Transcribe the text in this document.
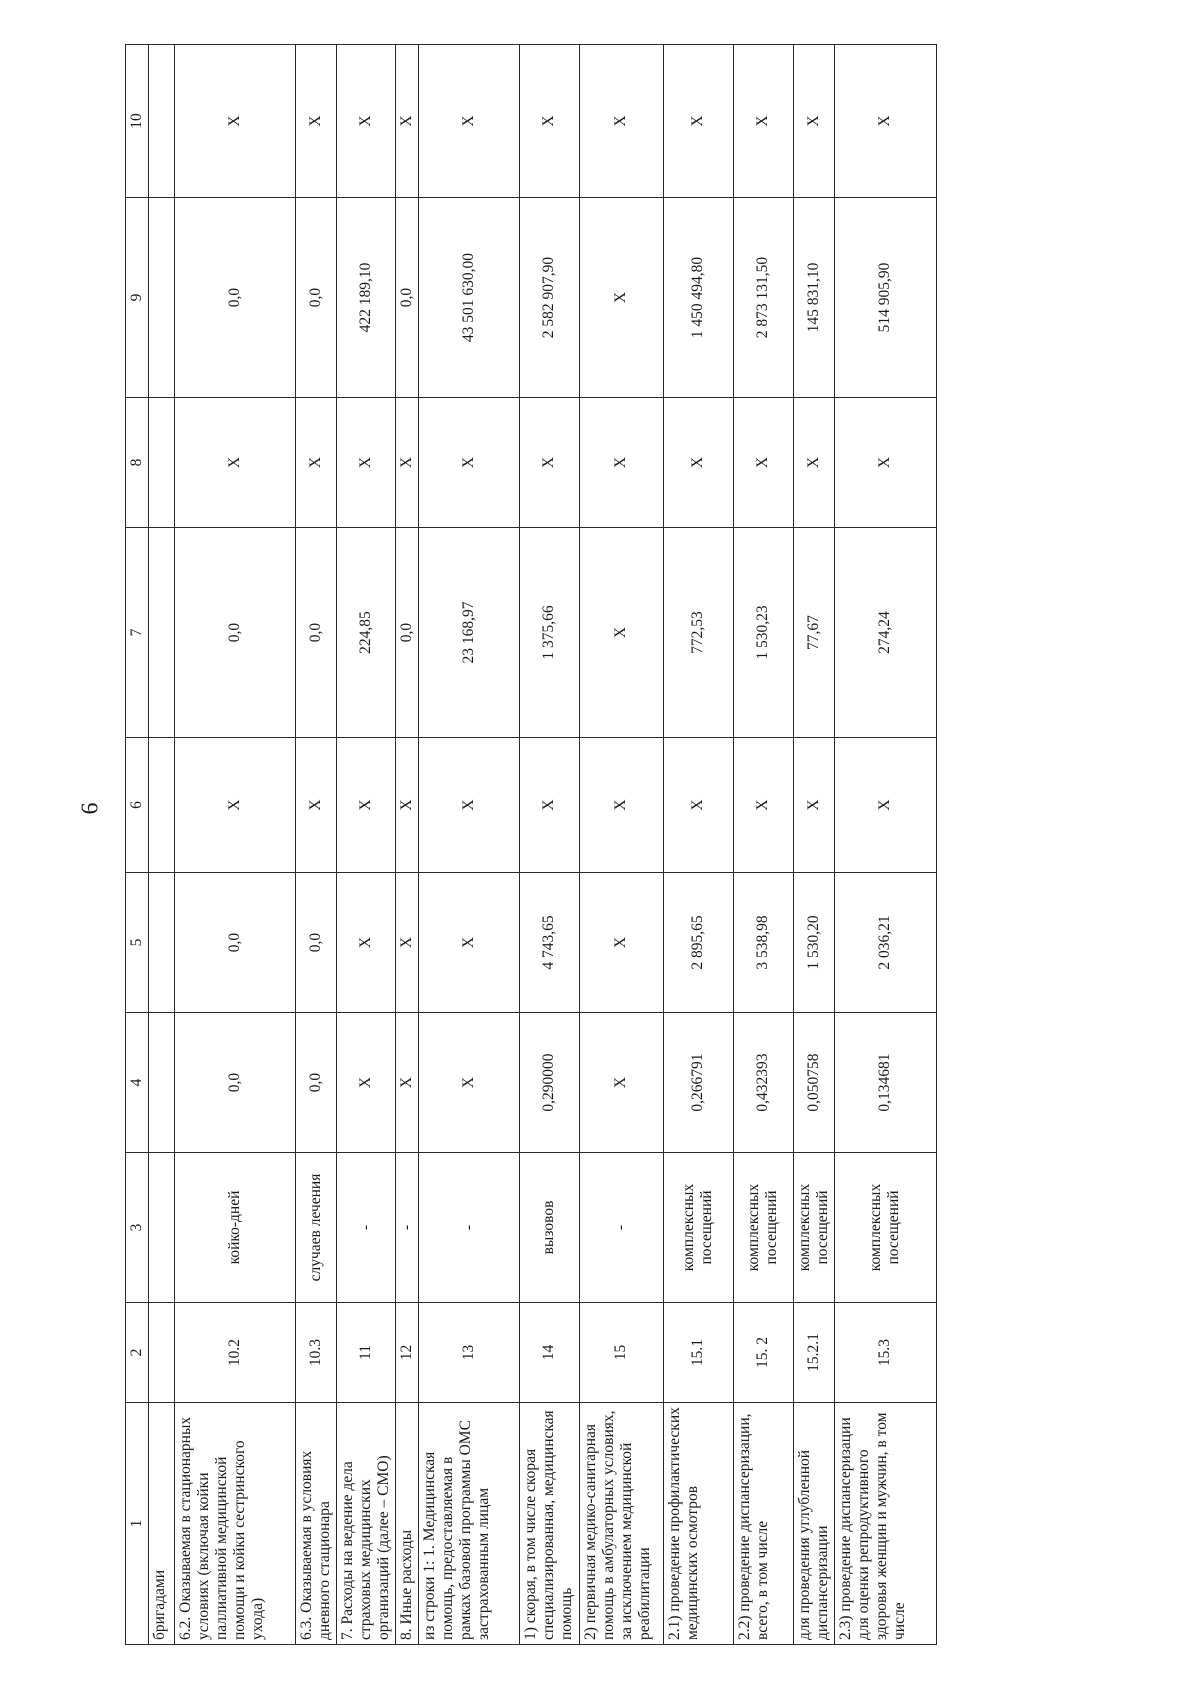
6
1	2	3	4	5	6	7	8	9	10
бригадами									
6.2. Оказываемая в стационарных условиях (включая койки паллиативной медицинской помощи и койки сестринского ухода)	10.2	койко-дней	0,0	0,0	X	0,0	X	0,0	X
6.3. Оказываемая в условиях дневного стационара	10.3	случаев лечения	0,0	0,0	X	0,0	X	0,0	X
7. Расходы на ведение дела страховых медицинских организаций (далее – СМО)	11	-	X	X	X	224,85	X	422 189,10	X
8. Иные расходы	12	-	X	X	X	0,0	X	0,0	X
из строки 1: 1. Медицинская помощь, предоставляемая в рамках базовой программы ОМС застрахованным лицам	13	-	X	X	X	23 168,97	X	43 501 630,00	X
1) скорая, в том числе скорая специализированная, медицинская помощь	14	вызовов	0,290000	4 743,65	X	1 375,66	X	2 582 907,90	X
2) первичная медико-санитарная помощь в амбулаторных условиях, за исключением медицинской реабилитации	15	-	X	X	X	X	X	X	X
2.1) проведение профилактических медицинских осмотров	15.1	комплексных посещений	0,266791	2 895,65	X	772,53	X	1 450 494,80	X
2.2) проведение диспансеризации, всего, в том числе	15. 2	комплексных посещений	0,432393	3 538,98	X	1 530,23	X	2 873 131,50	X
для проведения углубленной диспансеризации	15.2.1	комплексных посещений	0,050758	1 530,20	X	77,67	X	145 831,10	X
2.3) проведение диспансеризации для оценки репродуктивного здоровья женщин и мужчин, в том числе	15.3	комплексных посещений	0,134681	2 036,21	X	274,24	X	514 905,90	X
